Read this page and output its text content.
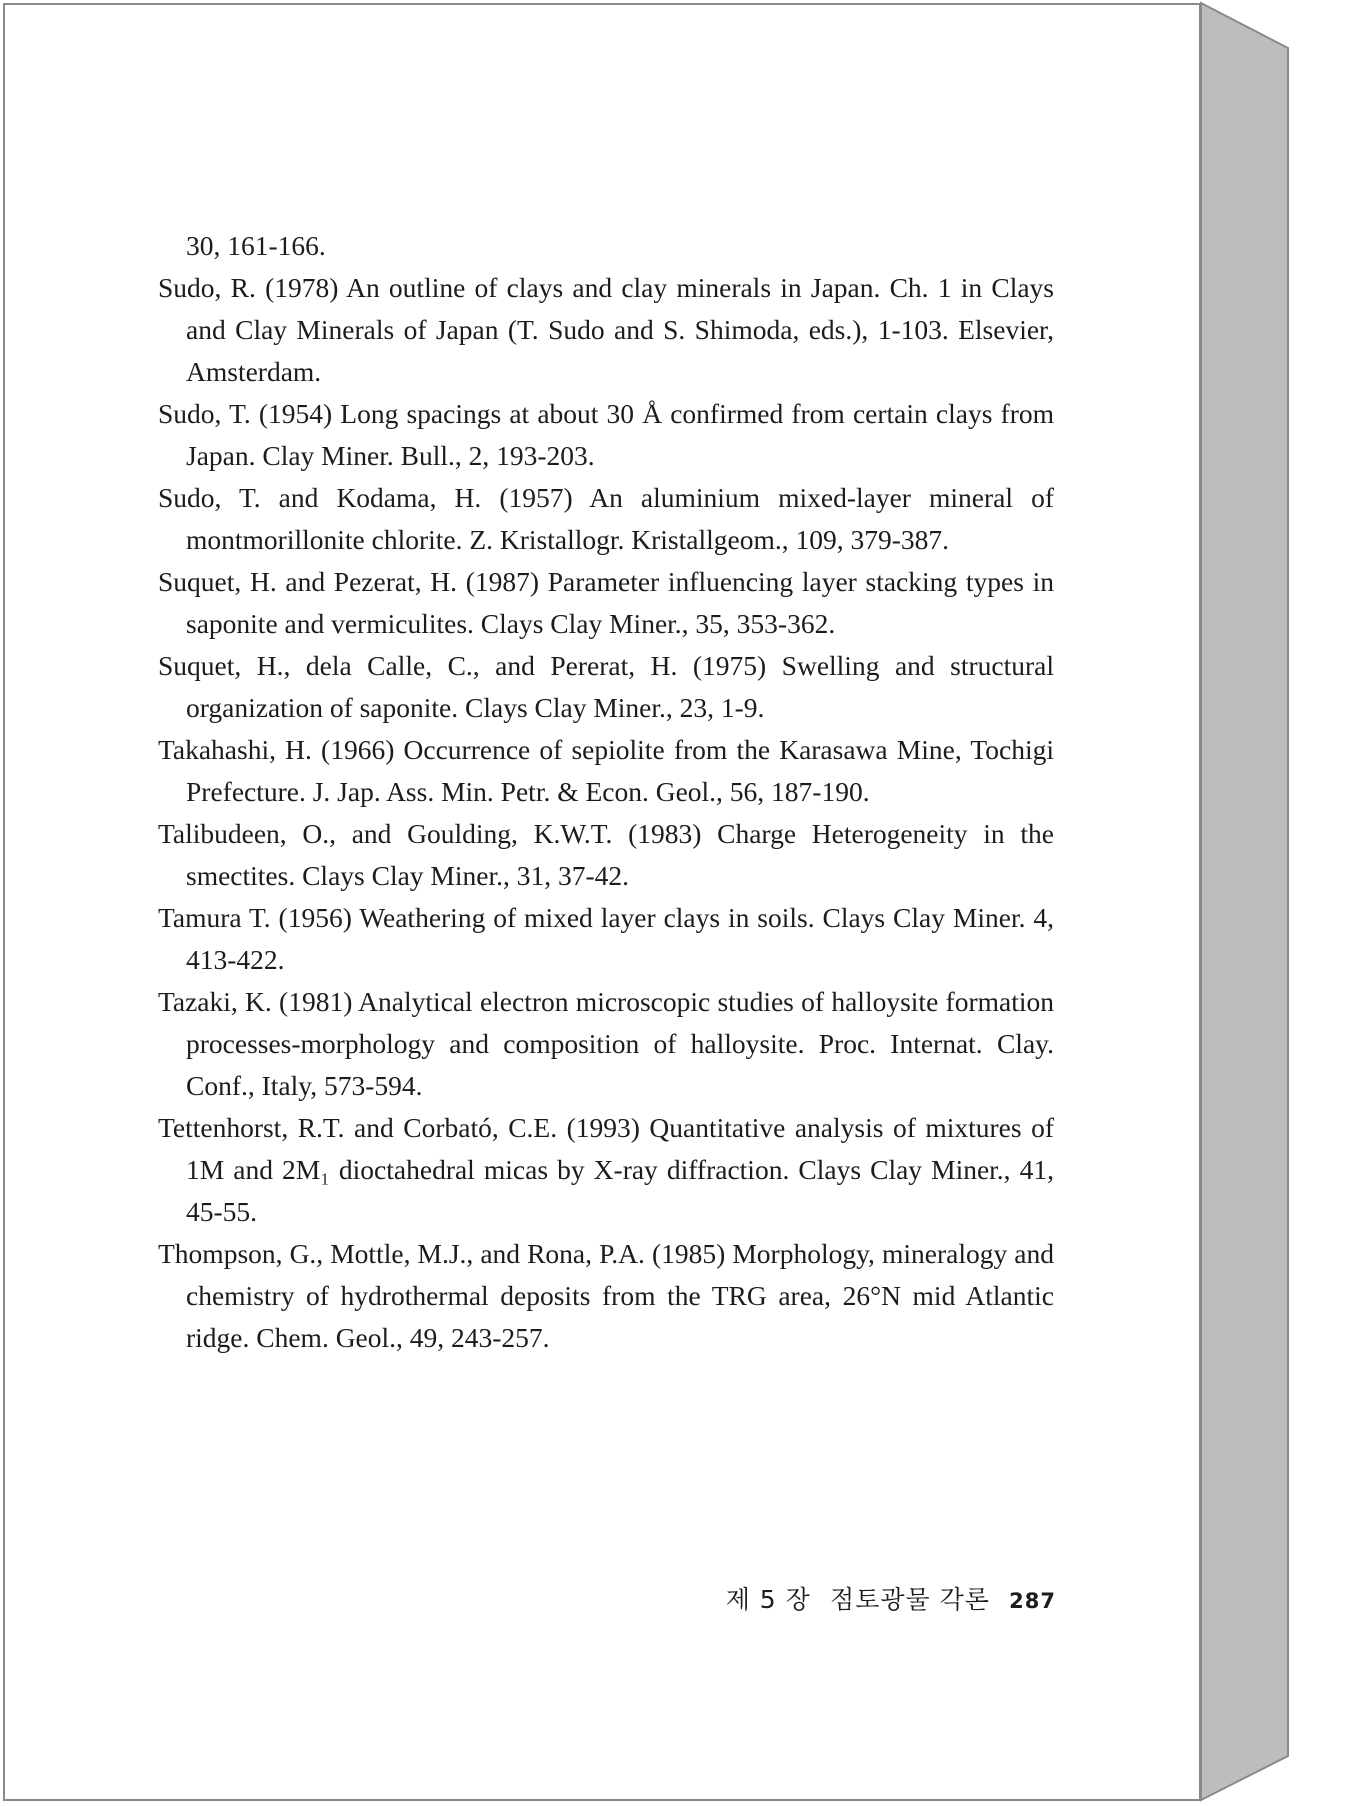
30, 161-166.

Sudo, R. (1978) An outline of clays and clay minerals in Japan. Ch. 1 in Clays and Clay Minerals of Japan (T. Sudo and S. Shimoda, eds.), 1-103. Elsevier, Amsterdam.

Sudo, T. (1954) Long spacings at about 30 Å confirmed from certain clays from Japan. Clay Miner. Bull., 2, 193-203.

Sudo, T. and Kodama, H. (1957) An aluminium mixed-layer mineral of montmorillonite chlorite. Z. Kristallogr. Kristallgeom., 109, 379-387.

Suquet, H. and Pezerat, H. (1987) Parameter influencing layer stacking types in saponite and vermiculites. Clays Clay Miner., 35, 353-362.

Suquet, H., dela Calle, C., and Pererat, H. (1975) Swelling and structural organization of saponite. Clays Clay Miner., 23, 1-9.

Takahashi, H. (1966) Occurrence of sepiolite from the Karasawa Mine, Tochigi Prefecture. J. Jap. Ass. Min. Petr. & Econ. Geol., 56, 187-190.

Talibudeen, O., and Goulding, K.W.T. (1983) Charge Heterogeneity in the smectites. Clays Clay Miner., 31, 37-42.

Tamura T. (1956) Weathering of mixed layer clays in soils. Clays Clay Miner. 4, 413-422.

Tazaki, K. (1981) Analytical electron microscopic studies of halloysite formation processes-morphology and composition of halloysite. Proc. Internat. Clay. Conf., Italy, 573-594.

Tettenhorst, R.T. and Corbató, C.E. (1993) Quantitative analysis of mixtures of 1M and 2M₁ dioctahedral micas by X-ray diffraction. Clays Clay Miner., 41, 45-55.

Thompson, G., Mottle, M.J., and Rona, P.A. (1985) Morphology, mineralogy and chemistry of hydrothermal deposits from the TRG area, 26°N mid Atlantic ridge. Chem. Geol., 49, 243-257.

제 5 장 점토광물 각론 287
